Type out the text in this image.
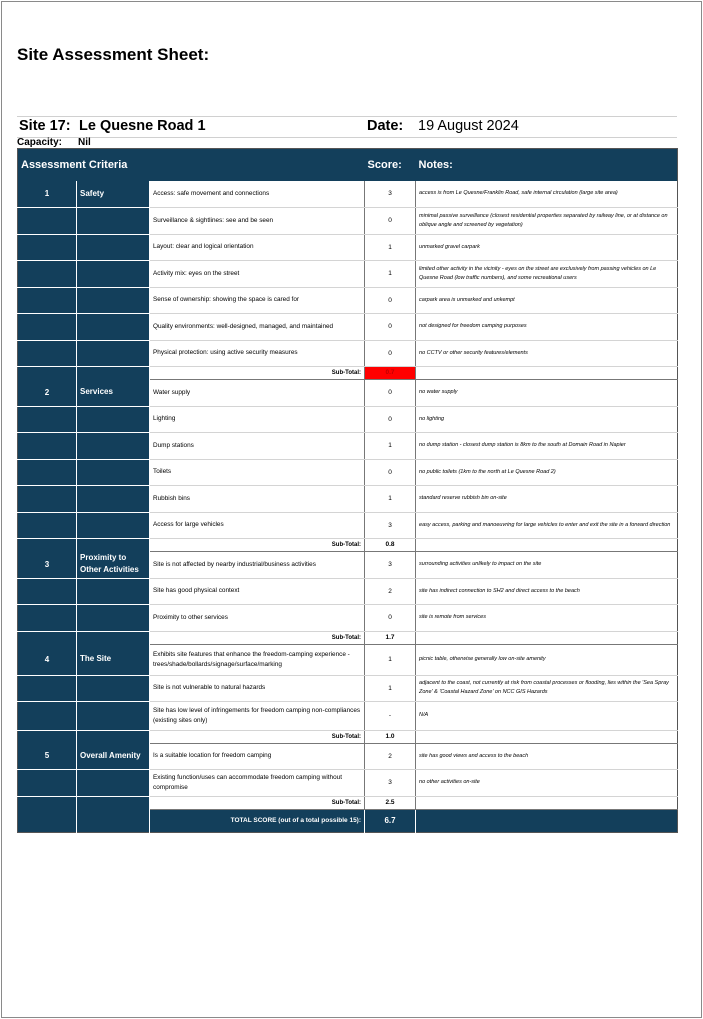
Site Assessment Sheet:
Site 17: Le Quesne Road 1	Date: 19 August 2024
Capacity: Nil
Assessment Criteria			Score:	Notes:
1	Safety	Access: safe movement and connections	3	access is from Le Quesne/Franklin Road, safe internal circulation (large site area)
		Surveillance & sightlines: see and be seen	0	minimal passive surveillance (closest residential properties separated by railway line, or at distance on oblique angle and screened by vegetation)
		Layout: clear and logical orientation	1	unmarked gravel carpark
		Activity mix: eyes on the street	1	limited other activity in the vicinity - eyes on the street are exclusively from passing vehicles on Le Quesne Road (low traffic numbers), and some recreational users
		Sense of ownership: showing the space is cared for	0	carpark area is unmarked and unkempt
		Quality environments: well-designed, managed, and maintained	0	not designed for freedom camping purposes
		Physical protection: using active security measures	0	no CCTV or other security features/elements
		Sub-Total:	0.7	
2	Services	Water supply	0	no water supply
		Lighting	0	no lighting
		Dump stations	1	no dump station - closest dump station is 8km to the south at Domain Road in Napier
		Toilets	0	no public toilets (1km to the north at Le Quesne Road 2)
		Rubbish bins	1	standard reserve rubbish bin on-site
		Access for large vehicles	3	easy access, parking and manoeuvring for large vehicles to enter and exit the site in a forward direction
		Sub-Total:	0.8	
3	Proximity to Other Activities	Site is not affected by nearby industrial/business activities	3	surrounding activities unlikely to impact on the site
		Site has good physical context	2	site has indirect connection to SH2 and direct access to the beach
		Proximity to other services	0	site is remote from services
		Sub-Total:	1.7	
4	The Site	Exhibits site features that enhance the freedom-camping experience - trees/shade/bollards/signage/surface/marking	1	picnic table, otherwise generally low on-site amenity
		Site is not vulnerable to natural hazards	1	adjacent to the coast, not currently at risk from coastal processes or flooding, lies within the 'Sea Spray Zone' & 'Coastal Hazard Zone' on NCC GIS Hazards
		Site has low level of infringements for freedom camping non-compliances (existing sites only)	-	N/A
		Sub-Total:	1.0	
5	Overall Amenity	Is a suitable location for freedom camping	2	site has good views and access to the beach
		Existing function/uses can accommodate freedom camping without compromise	3	no other activities on-site
		Sub-Total:	2.5	
		TOTAL SCORE (out of a total possible 15):	6.7	
